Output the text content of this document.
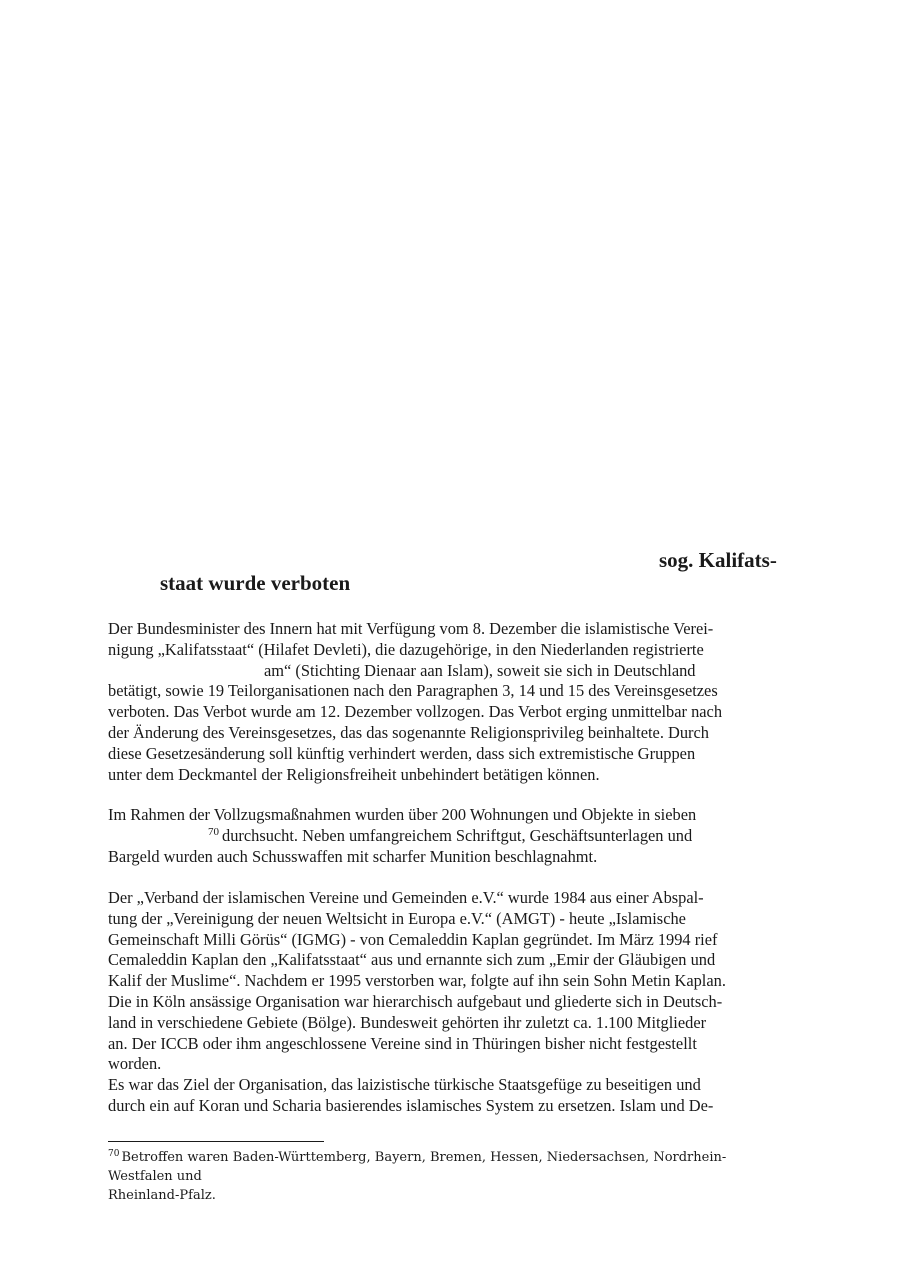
sog. Kalifats-
staat wurde verboten
Der Bundesminister des Innern hat mit Verfügung vom 8. Dezember die islamistische Verei-
nigung „Kalifatsstaat“ (Hilafet Devleti), die dazugehörige, in den Niederlanden registrierte
am“ (Stichting Dienaar aan Islam), soweit sie sich in Deutschland
betätigt, sowie 19 Teilorganisationen nach den Paragraphen 3, 14 und 15 des Vereinsgesetzes
verboten. Das Verbot wurde am 12. Dezember vollzogen. Das Verbot erging unmittelbar nach
der Änderung des Vereinsgesetzes, das das sogenannte Religionsprivileg beinhaltete. Durch
diese Gesetzesänderung soll künftig verhindert werden, dass sich extremistische Gruppen
unter dem Deckmantel der Religionsfreiheit unbehindert betätigen können.
Im Rahmen der Vollzugsmaßnahmen wurden über 200 Wohnungen und Objekte in sieben
$^{70}$ durchsucht. Neben umfangreichem Schriftgut, Geschäftsunterlagen und
Bargeld wurden auch Schusswaffen mit scharfer Munition beschlagnahmt.
Der „Verband der islamischen Vereine und Gemeinden e.V.“ wurde 1984 aus einer Abspal-
tung der „Vereinigung der neuen Weltsicht in Europa e.V.“ (AMGT) - heute „Islamische
Gemeinschaft Milli Görüs“ (IGMG) - von Cemaleddin Kaplan gegründet. Im März 1994 rief
Cemaleddin Kaplan den „Kalifatsstaat“ aus und ernannte sich zum „Emir der Gläubigen und
Kalif der Muslime“. Nachdem er 1995 verstorben war, folgte auf ihn sein Sohn Metin Kaplan.
Die in Köln ansässige Organisation war hierarchisch aufgebaut und gliederte sich in Deutsch-
land in verschiedene Gebiete (Bölge). Bundesweit gehörten ihr zuletzt ca. 1.100 Mitglieder
an. Der ICCB oder ihm angeschlossene Vereine sind in Thüringen bisher nicht festgestellt
worden.
Es war das Ziel der Organisation, das laizistische türkische Staatsgefüge zu beseitigen und
durch ein auf Koran und Scharia basierendes islamisches System zu ersetzen. Islam und De-
$^{70}$ Betroffen waren Baden-Württemberg, Bayern, Bremen, Hessen, Niedersachsen, Nordrhein-Westfalen und
Rheinland-Pfalz.
